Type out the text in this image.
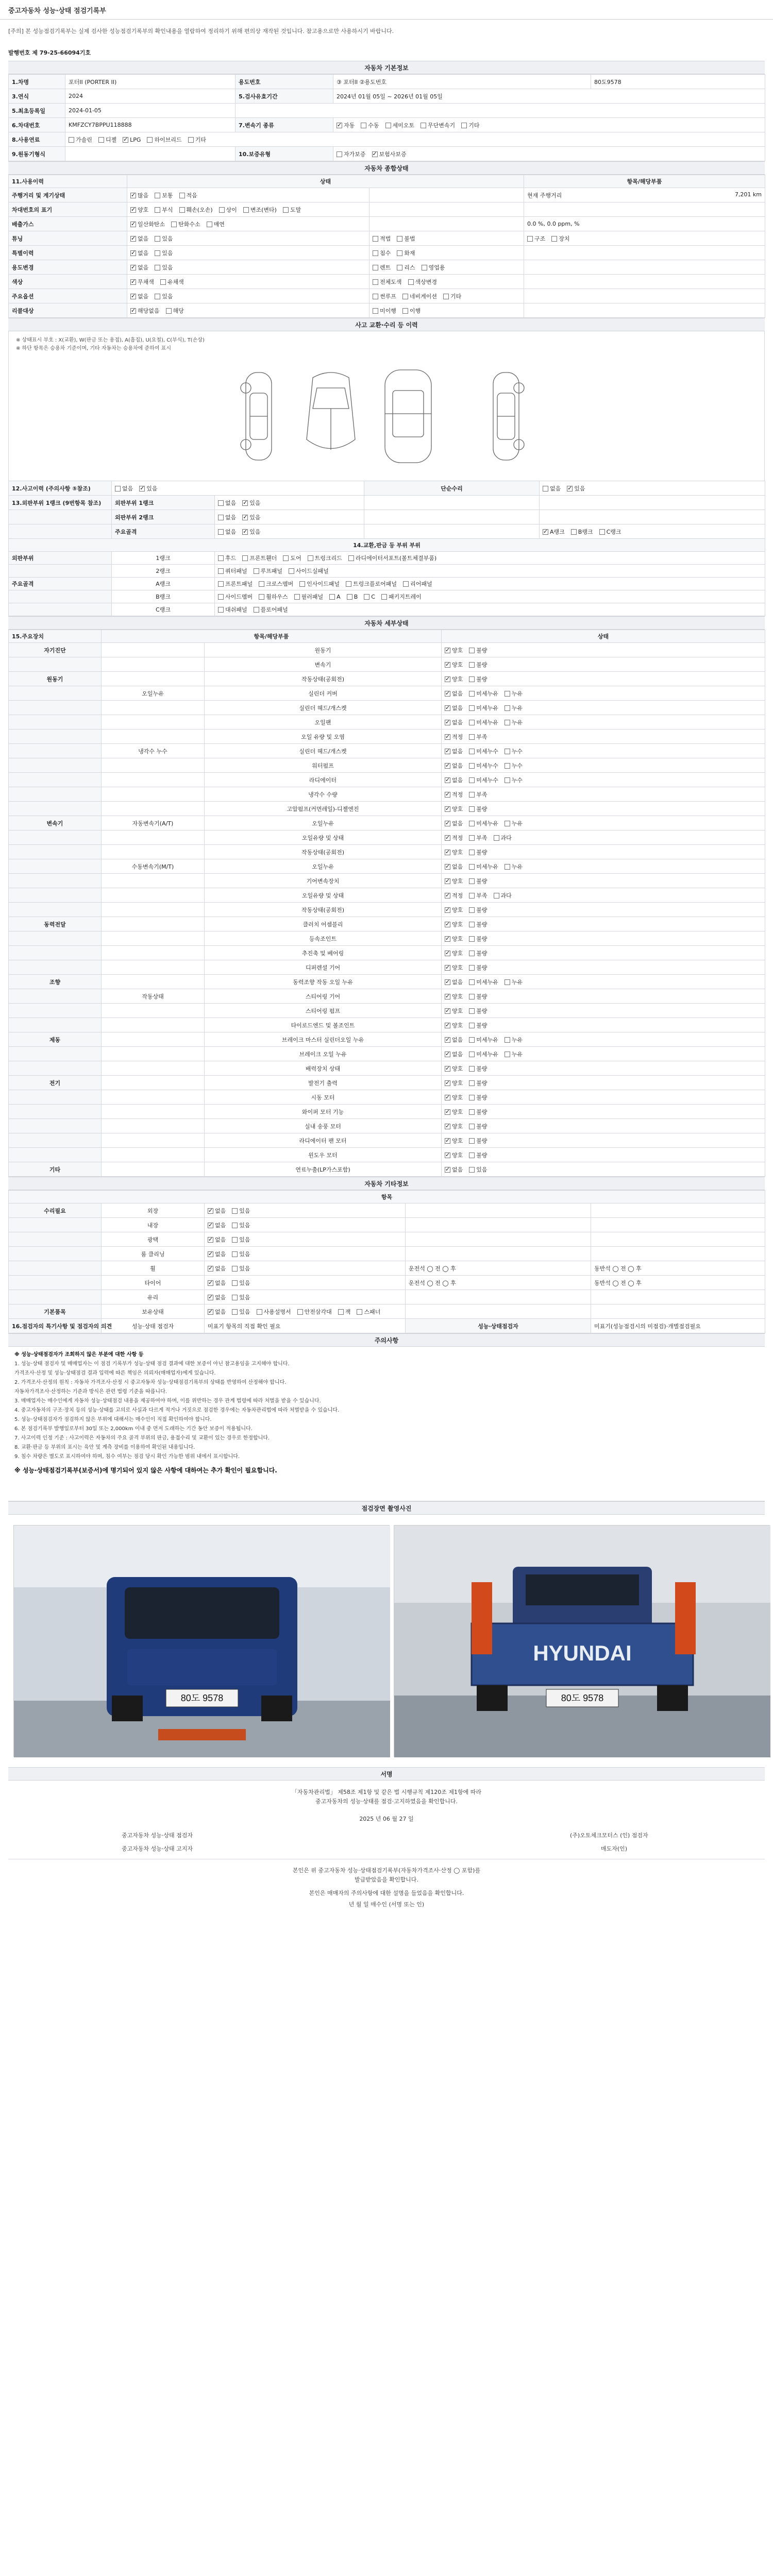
중고자동차 성능·상태 점검기록부
[주의] 본 성능점검기록부는 실제 검사한 성능점검기록부의 확인내용을 열람하여 정리하기 위해 편의상 재작된 것입니다. 참고용으로만 사용하시기 바랍니다.
발행번호 제 79-25-66094기호
자동차 기본정보
1.차명	포터II (PORTER II)	용도번호	③ 포터II ②용도번호	80도9578
3.연식	2024	5.검사유효기간	2024년 01월 05일 ~ 2026년 01월 05일	
5.최초등록일	2024-01-05			
6.차대번호	KMFZCY7BPPU118888	7.변속기 종류	✓자동 수동 세미오토 무단변속기 기타
8.사용연료	가솔린 디젤 ✓ LPG 하이브리드 기타
9.원동기형식		10.보증유형	자가보증 ✓ 보험사보증
자동차 종합상태
11.사용이력	상태		항목/해당부품
주행거리 및 계기상태	✓많음 보통 적음		현재 주행거리 7,201 km

차대번호의 표기	✓양호 부식 훼손(오손) 상이 변조(변타) 도말		
배출가스	✓일산화탄소 탄화수소 매연		0.0 %, 0.0 ppm, %
튜닝	✓없음 있음	적법 불법	구조 장치
특별이력	✓없음 있음	침수 화재	
용도변경	✓없음 있음	렌트 리스 영업용	
색상	✓무채색 유채색	전체도색 색상변경	
주요옵션	✓없음 있음	썬루프 네비게이션 기타	
리콜대상	✓해당없음 해당	미이행 이행	
사고 교환·수리 등 이력
※ 상태표시 부호 : X(교환), W(판금 또는 용접), A(흠집), U(요철), C(부식), T(손상)
※ 하단 항목은 승용차 기준이며, 기타 자동차는 승용차에 준하여 표시
12.사고이력 (주의사항 ⑤참조)	없음 ✓ 있음		단순수리	없음 ✓ 있음
13.외판부위 1랭크 (9번항목 참조)	외판부위 1랭크	없음 ✓ 있음		
	외판부위 2랭크	없음 ✓ 있음		
	주요골격	없음 ✓ 있음		✓A랭크 B랭크 C랭크
14.교환,판금 등 부위 부위				
외판부위	1랭크	후드 프론트휀더 도어 트렁크리드 라디에이터서포트(볼트체결부품)		
	2랭크	쿼터패널 루프패널 사이드실패널		
주요골격	A랭크	프론트패널 크로스멤버 인사이드패널 트렁크플로어패널 리어패널		
	B랭크	사이드멤버 휠하우스 필러패널 A B C 패키지트레이		
	C랭크	대쉬패널 플로어패널		
자동차 세부상태
15.주요장치	항목/해당부품		상태
자기진단		원동기	✓양호 불량
		변속기	✓양호 불량
원동기		작동상태(공회전)	✓양호 불량
	오일누유	실린더 커버	✓없음 미세누유 누유
		실린더 헤드/개스켓	✓없음 미세누유 누유
		오일팬	✓없음 미세누유 누유
		오일 유량 및 오염	✓적정 부족
	냉각수 누수	실린더 헤드/개스켓	✓없음 미세누수 누수
		워터펌프	✓없음 미세누수 누수
		라디에이터	✓없음 미세누수 누수
		냉각수 수량	✓적정 부족
		고압펌프(커먼레일)-디젤엔진	✓양호 불량
변속기	자동변속기(A/T)	오일누유	✓없음 미세누유 누유
		오일유량 및 상태	✓적정 부족 과다
		작동상태(공회전)	✓양호 불량
	수동변속기(M/T)	오일누유	✓없음 미세누유 누유
		기어변속장치	✓양호 불량
		오일유량 및 상태	✓적정 부족 과다
		작동상태(공회전)	✓양호 불량
동력전달		클러치 어셈블리	✓양호 불량
		등속조인트	✓양호 불량
		추진축 및 베어링	✓양호 불량
		디퍼렌셜 기어	✓양호 불량
조향		동력조향 작동 오일 누유	✓없음 미세누유 누유
	작동상태	스티어링 기어	✓양호 불량
		스티어링 펌프	✓양호 불량
		타이로드엔드 및 볼조인트	✓양호 불량
제동		브레이크 마스터 실린더오일 누유	✓없음 미세누유 누유
		브레이크 오일 누유	✓없음 미세누유 누유
		배력장치 상태	✓양호 불량
전기		발전기 출력	✓양호 불량
		시동 모터	✓양호 불량
		와이퍼 모터 기능	✓양호 불량
		실내 송풍 모터	✓양호 불량
		라디에이터 팬 모터	✓양호 불량
		윈도우 모터	✓양호 불량
기타		연료누출(LP가스포함)	✓없음 있음
자동차 기타정보
항목				
수리필요	외장	✓없음 있음		
	내장	✓없음 있음		
	광택	✓없음 있음		
	룸 클리닝	✓없음 있음		
	휠	✓없음 있음	운전석 ◯ 전 ◯ 후	동반석 ◯ 전 ◯ 후
	타이어	✓없음 있음	운전석 ◯ 전 ◯ 후	동반석 ◯ 전 ◯ 후
	유리	✓없음 있음		
기본품목	보유상태	✓없음 있음 사용설명서 안전삼각대 잭 스패너		
16.점검자의 특기사항 및 점검자의 의견	성능·상태 점검자	미표기 항목의 직접 확인 필요	성능·상태점검자	미표기(성능점검시의 미점검)·개별점검필요
주의사항

※ 성능·상태점검자가 조회하지 않은 부분에 대한 사항 등

1. 성능·상태 점검자 및 매매업자는 이 점검 기록부가 성능·상태 점검 결과에 대한 보증이 아닌 참고용임을 고지해야 합니다.

가격조사·산정 및 성능·상태점검 결과 입력에 따른 책임은 의뢰자(매매업자)에게 있습니다.

2. 가격조사·산정의 원칙 : 자동차 가격조사·산정 시 중고자동차 성능·상태점검기록부의 상태를 반영하여 산정해야 합니다.

자동차가격조사·산정하는 기준과 방식은 관련 법령 기준을 따릅니다.

3. 매매업자는 매수인에게 자동차 성능·상태점검 내용을 제공하여야 하며, 이를 위반하는 경우 관계 법령에 따라 처벌을 받을 수 있습니다.

4. 중고자동차의 구조·장치 등의 성능·상태를 고의로 사실과 다르게 적거나 거짓으로 점검한 경우에는 자동차관리법에 따라 처벌받을 수 있습니다.

5. 성능·상태점검자가 점검하지 않은 부위에 대해서는 매수인이 직접 확인하여야 합니다.

6. 본 점검기록부 발행일로부터 30일 또는 2,000km 이내 중 먼저 도래하는 기간 동안 보증이 적용됩니다.

7. 사고이력 인정 기준 : 사고이력은 자동차의 주요 골격 부위의 판금, 용접수리 및 교환이 있는 경우로 한정합니다.

8. 교환·판금 등 부위의 표시는 육안 및 계측 장비를 이용하여 확인된 내용입니다.

9. 침수 차량은 별도로 표시하여야 하며, 침수 여부는 점검 당시 확인 가능한 범위 내에서 표시합니다.

※ 성능·상태점검기록부(보증서)에 명기되어 있지 않은 사항에 대하여는 추가 확인이 필요합니다.

점검장면 촬영사진
80도 9578
HYUNDAI
80도 9578
서명
「자동차관리법」 제58조 제1항 및 같은 법 시행규칙 제120조 제1항에 따라
중고자동차의 성능·상태를 점검·고지하였음을 확인합니다.
2025 년 06 월 27 일
중고자동차 성능·상태 점검자	(주)오토체크모터스 (인) 점검자
중고자동차 성능·상태 고지자	매도자(인)
본인은 위 중고자동차 성능·상태점검기록부(자동차가격조사·산정 ◯ 포함)를
발급받았음을 확인합니다.
본인은 매매자의 주의사항에 대한 설명을 들었음을 확인합니다.
년 월 일 매수인 (서명 또는 인)
